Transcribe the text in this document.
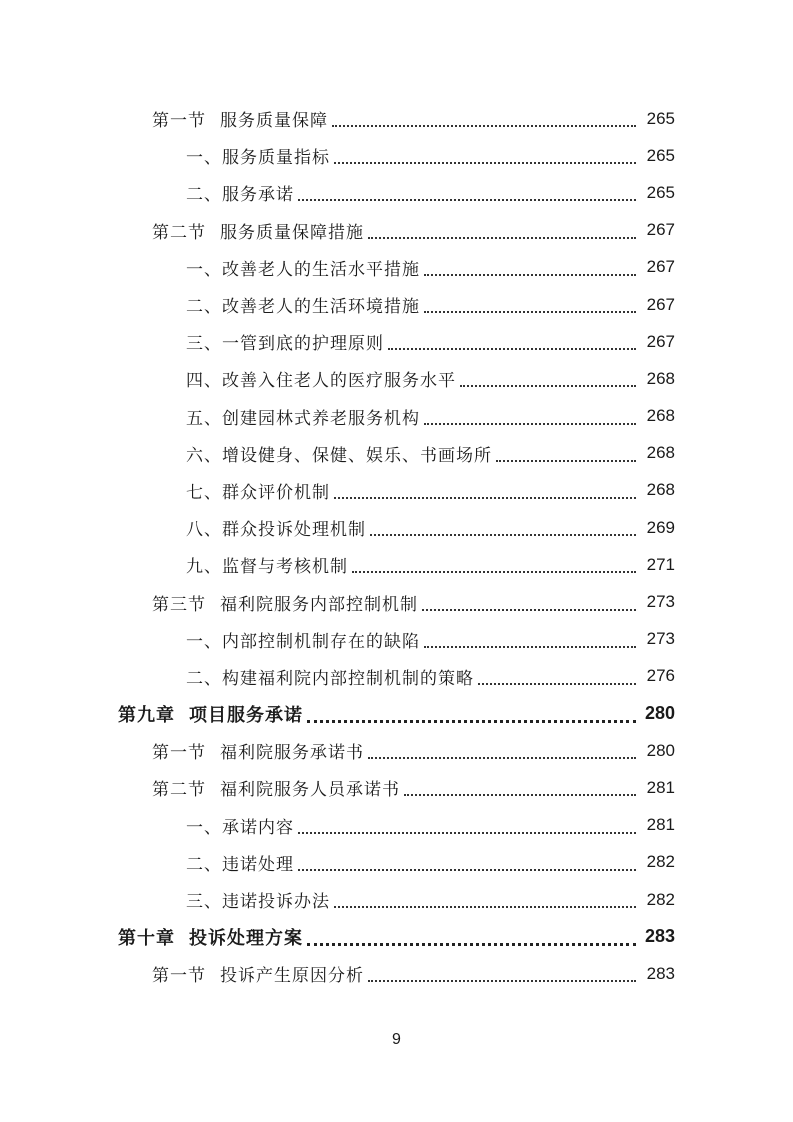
第一节 服务质量保障	265
一、服务质量指标	265
二、服务承诺	265
第二节 服务质量保障措施	267
一、改善老人的生活水平措施	267
二、改善老人的生活环境措施	267
三、一管到底的护理原则	267
四、改善入住老人的医疗服务水平	268
五、创建园林式养老服务机构	268
六、增设健身、保健、娱乐、书画场所	268
七、群众评价机制	268
八、群众投诉处理机制	269
九、监督与考核机制	271
第三节 福利院服务内部控制机制	273
一、内部控制机制存在的缺陷	273
二、构建福利院内部控制机制的策略	276
第九章 项目服务承诺	280
第一节 福利院服务承诺书	280
第二节 福利院服务人员承诺书	281
一、承诺内容	281
二、违诺处理	282
三、违诺投诉办法	282
第十章 投诉处理方案	283
第一节 投诉产生原因分析	283
9
